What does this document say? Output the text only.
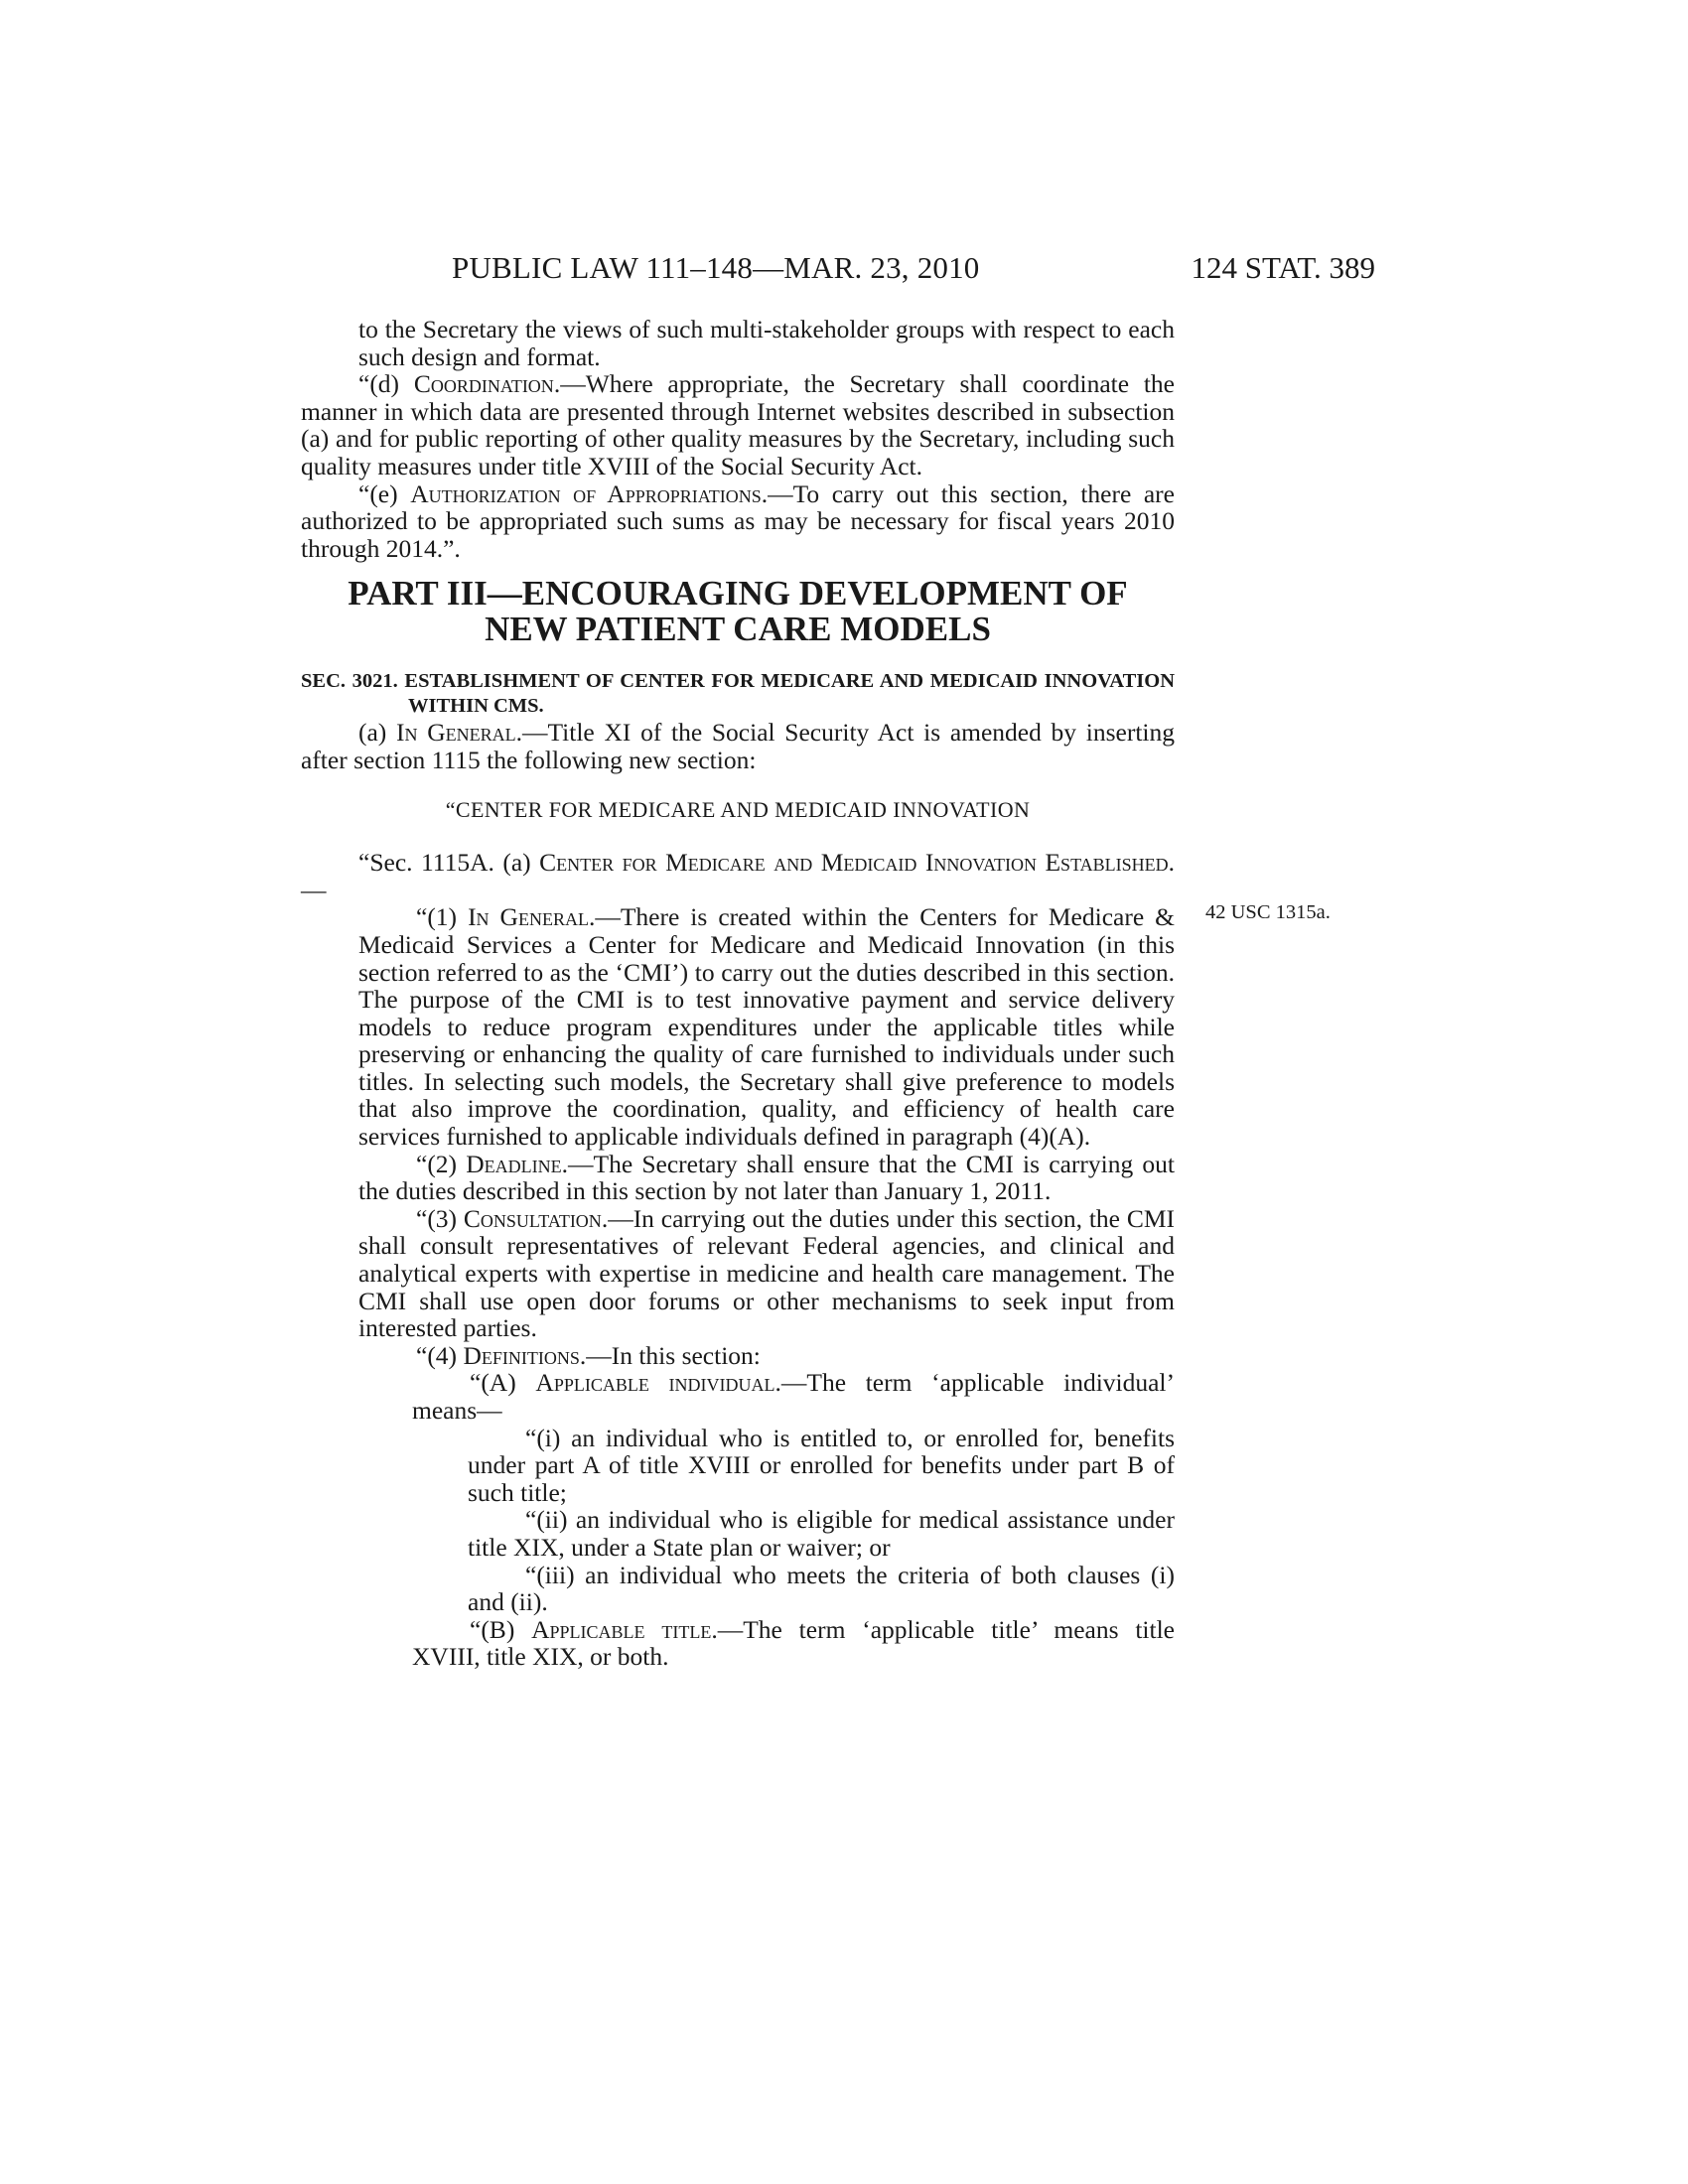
PUBLIC LAW 111–148—MAR. 23, 2010	124 STAT. 389
42 USC 1315a.

to the Secretary the views of such multi-stakeholder groups with respect to each such design and format.

“(d) Coordination.—Where appropriate, the Secretary shall coordinate the manner in which data are presented through Internet websites described in subsection (a) and for public reporting of other quality measures by the Secretary, including such quality measures under title XVIII of the Social Security Act.

“(e) Authorization of Appropriations.—To carry out this section, there are authorized to be appropriated such sums as may be necessary for fiscal years 2010 through 2014.”.

PART III—ENCOURAGING DEVELOPMENT OF
NEW PATIENT CARE MODELS

SEC. 3021. ESTABLISHMENT OF CENTER FOR MEDICARE AND MEDICAID INNOVATION WITHIN CMS.

(a) In General.—Title XI of the Social Security Act is amended by inserting after section 1115 the following new section:

“CENTER FOR MEDICARE AND MEDICAID INNOVATION

“Sec. 1115A. (a) Center for Medicare and Medicaid Innovation Established.—

“(1) In General.—There is created within the Centers for Medicare & Medicaid Services a Center for Medicare and Medicaid Innovation (in this section referred to as the ‘CMI’) to carry out the duties described in this section. The purpose of the CMI is to test innovative payment and service delivery models to reduce program expenditures under the applicable titles while preserving or enhancing the quality of care furnished to individuals under such titles. In selecting such models, the Secretary shall give preference to models that also improve the coordination, quality, and efficiency of health care services furnished to applicable individuals defined in paragraph (4)(A).

“(2) Deadline.—The Secretary shall ensure that the CMI is carrying out the duties described in this section by not later than January 1, 2011.

“(3) Consultation.—In carrying out the duties under this section, the CMI shall consult representatives of relevant Federal agencies, and clinical and analytical experts with expertise in medicine and health care management. The CMI shall use open door forums or other mechanisms to seek input from interested parties.

“(4) Definitions.—In this section:

“(A) Applicable individual.—The term ‘applicable individual’ means—

“(i) an individual who is entitled to, or enrolled for, benefits under part A of title XVIII or enrolled for benefits under part B of such title;

“(ii) an individual who is eligible for medical assistance under title XIX, under a State plan or waiver; or

“(iii) an individual who meets the criteria of both clauses (i) and (ii).

“(B) Applicable title.—The term ‘applicable title’ means title XVIII, title XIX, or both.
